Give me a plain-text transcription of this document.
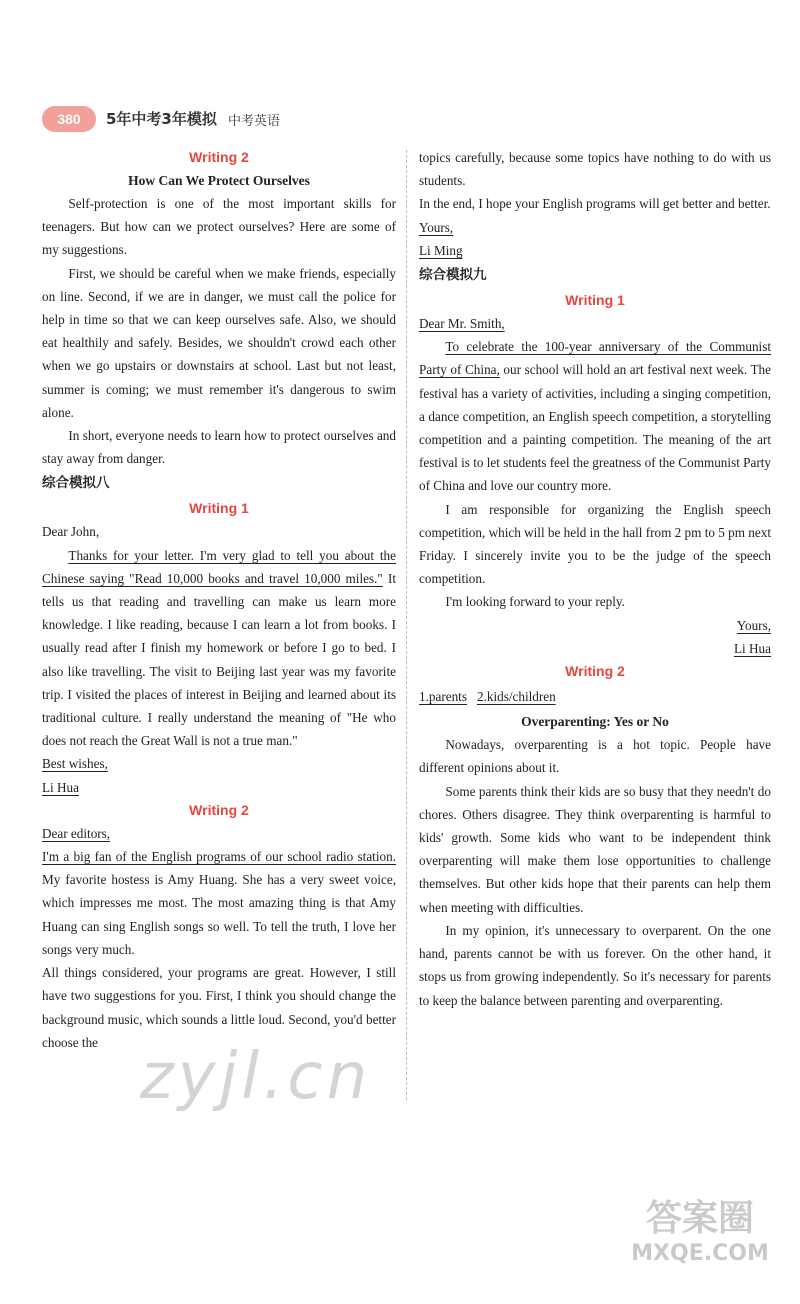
380	5年中考3年模拟 中考英语

Writing 2

How Can We Protect Ourselves

Self-protection is one of the most important skills for teenagers. But how can we protect ourselves? Here are some of my suggestions.

First, we should be careful when we make friends, especially on line. Second, if we are in danger, we must call the police for help in time so that we can keep ourselves safe. Also, we should eat healthily and safely. Besides, we shouldn't crowd each other when we go upstairs or downstairs at school. Last but not least, summer is coming; we must remember it's dangerous to swim alone.

In short, everyone needs to learn how to protect ourselves and stay away from danger.

综合模拟八

Writing 1

Dear John,

Thanks for your letter. I'm very glad to tell you about the Chinese saying "Read 10,000 books and travel 10,000 miles." It tells us that reading and travelling can make us learn more knowledge. I like reading, because I can learn a lot from books. I usually read after I finish my homework or before I go to bed. I also like travelling. The visit to Beijing last year was my favorite trip. I visited the places of interest in Beijing and learned about its traditional culture. I really understand the meaning of "He who does not reach the Great Wall is not a true man."

Best wishes,

Li Hua

Writing 2

Dear editors,

I'm a big fan of the English programs of our school radio station. My favorite hostess is Amy Huang. She has a very sweet voice, which impresses me most. The most amazing thing is that Amy Huang can sing English songs so well. To tell the truth, I love her songs very much.

All things considered, your programs are great. However, I still have two suggestions for you. First, I think you should change the background music, which sounds a little loud. Second, you'd better choose the

topics carefully, because some topics have nothing to do with us students.

In the end, I hope your English programs will get better and better.

Yours,

Li Ming

综合模拟九

Writing 1

Dear Mr. Smith,

To celebrate the 100-year anniversary of the Communist Party of China, our school will hold an art festival next week. The festival has a variety of activities, including a singing competition, a dance competition, an English speech competition, a storytelling competition and a painting competition. The meaning of the art festival is to let students feel the greatness of the Communist Party of China and love our country more.

I am responsible for organizing the English speech competition, which will be held in the hall from 2 pm to 5 pm next Friday. I sincerely invite you to be the judge of the speech competition.

I'm looking forward to your reply.

Yours,

Li Hua

Writing 2

1.parents 2.kids/children

Overparenting: Yes or No

Nowadays, overparenting is a hot topic. People have different opinions about it.

Some parents think their kids are so busy that they needn't do chores. Others disagree. They think overparenting is harmful to kids' growth. Some kids who want to be independent think overparenting will make them lose opportunities to challenge themselves. But other kids hope that their parents can help them when meeting with difficulties.

In my opinion, it's unnecessary to overparent. On the one hand, parents cannot be with us forever. On the other hand, it stops us from growing independently. So it's necessary for parents to keep the balance between parenting and overparenting.

zyjl.cn
答案圈
MXQE.COM
